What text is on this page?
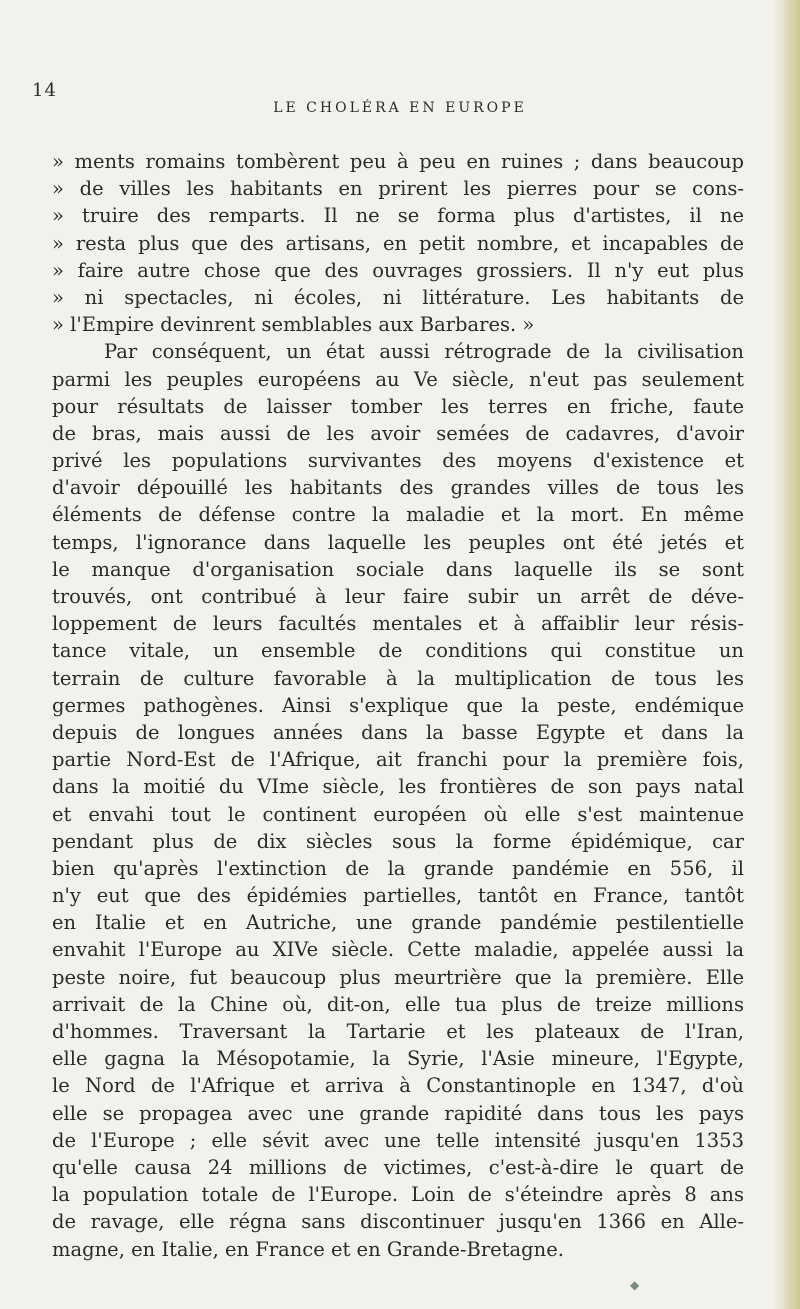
14
LE CHOLÉRA EN EUROPE
» ments romains tombèrent peu à peu en ruines ; dans beaucoup
» de villes les habitants en prirent les pierres pour se cons-
» truire des remparts. Il ne se forma plus d'artistes, il ne
» resta plus que des artisans, en petit nombre, et incapables de
» faire autre chose que des ouvrages grossiers. Il n'y eut plus
» ni spectacles, ni écoles, ni littérature. Les habitants de
» l'Empire devinrent semblables aux Barbares. »
Par conséquent, un état aussi rétrograde de la civilisation
parmi les peuples européens au Ve siècle, n'eut pas seulement
pour résultats de laisser tomber les terres en friche, faute
de bras, mais aussi de les avoir semées de cadavres, d'avoir
privé les populations survivantes des moyens d'existence et
d'avoir dépouillé les habitants des grandes villes de tous les
éléments de défense contre la maladie et la mort. En même
temps, l'ignorance dans laquelle les peuples ont été jetés et
le manque d'organisation sociale dans laquelle ils se sont
trouvés, ont contribué à leur faire subir un arrêt de déve-
loppement de leurs facultés mentales et à affaiblir leur résis-
tance vitale, un ensemble de conditions qui constitue un
terrain de culture favorable à la multiplication de tous les
germes pathogènes. Ainsi s'explique que la peste, endémique
depuis de longues années dans la basse Egypte et dans la
partie Nord-Est de l'Afrique, ait franchi pour la première fois,
dans la moitié du VIme siècle, les frontières de son pays natal
et envahi tout le continent européen où elle s'est maintenue
pendant plus de dix siècles sous la forme épidémique, car
bien qu'après l'extinction de la grande pandémie en 556, il
n'y eut que des épidémies partielles, tantôt en France, tantôt
en Italie et en Autriche, une grande pandémie pestilentielle
envahit l'Europe au XIVe siècle. Cette maladie, appelée aussi la
peste noire, fut beaucoup plus meurtrière que la première. Elle
arrivait de la Chine où, dit-on, elle tua plus de treize millions
d'hommes. Traversant la Tartarie et les plateaux de l'Iran,
elle gagna la Mésopotamie, la Syrie, l'Asie mineure, l'Egypte,
le Nord de l'Afrique et arriva à Constantinople en 1347, d'où
elle se propagea avec une grande rapidité dans tous les pays
de l'Europe ; elle sévit avec une telle intensité jusqu'en 1353
qu'elle causa 24 millions de victimes, c'est-à-dire le quart de
la population totale de l'Europe. Loin de s'éteindre après 8 ans
de ravage, elle régna sans discontinuer jusqu'en 1366 en Alle-
magne, en Italie, en France et en Grande-Bretagne.
◆
